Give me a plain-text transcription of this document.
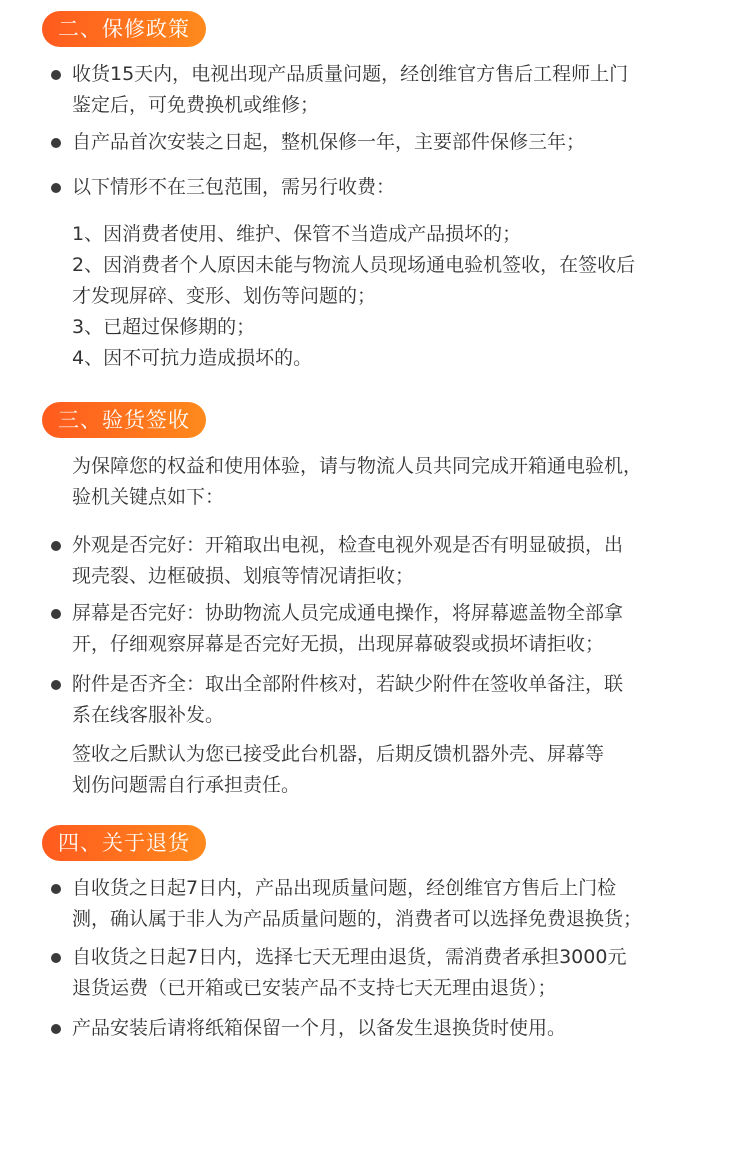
二、保修政策
收货15天内，电视出现产品质量问题，经创维官方售后工程师上门
鉴定后，可免费换机或维修；
自产品首次安装之日起，整机保修一年，主要部件保修三年；
以下情形不在三包范围，需另行收费：
1、因消费者使用、维护、保管不当造成产品损坏的；
2、因消费者个人原因未能与物流人员现场通电验机签收，在签收后
才发现屏碎、变形、划伤等问题的；
3、已超过保修期的；
4、因不可抗力造成损坏的。
三、验货签收
为保障您的权益和使用体验，请与物流人员共同完成开箱通电验机，
验机关键点如下：
外观是否完好：开箱取出电视，检查电视外观是否有明显破损，出
现壳裂、边框破损、划痕等情况请拒收；
屏幕是否完好：协助物流人员完成通电操作，将屏幕遮盖物全部拿
开，仔细观察屏幕是否完好无损，出现屏幕破裂或损坏请拒收；
附件是否齐全：取出全部附件核对，若缺少附件在签收单备注，联
系在线客服补发。
签收之后默认为您已接受此台机器，后期反馈机器外壳、屏幕等
划伤问题需自行承担责任。
四、关于退货
自收货之日起7日内，产品出现质量问题，经创维官方售后上门检
测，确认属于非人为产品质量问题的，消费者可以选择免费退换货；
自收货之日起7日内，选择七天无理由退货，需消费者承担3000元
退货运费（已开箱或已安装产品不支持七天无理由退货）；
产品安装后请将纸箱保留一个月，以备发生退换货时使用。
